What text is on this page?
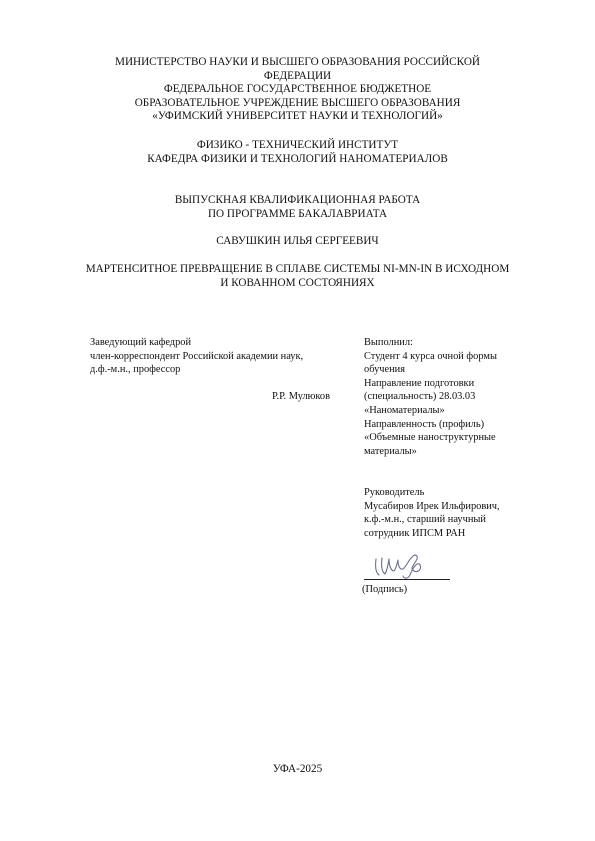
МИНИСТЕРСТВО НАУКИ И ВЫСШЕГО ОБРАЗОВАНИЯ РОССИЙСКОЙ
ФЕДЕРАЦИИ
ФЕДЕРАЛЬНОЕ ГОСУДАРСТВЕННОЕ БЮДЖЕТНОЕ
ОБРАЗОВАТЕЛЬНОЕ УЧРЕЖДЕНИЕ ВЫСШЕГО ОБРАЗОВАНИЯ
«УФИМСКИЙ УНИВЕРСИТЕТ НАУКИ И ТЕХНОЛОГИЙ»
ФИЗИКО - ТЕХНИЧЕСКИЙ ИНСТИТУТ
КАФЕДРА ФИЗИКИ И ТЕХНОЛОГИЙ НАНОМАТЕРИАЛОВ
ВЫПУСКНАЯ КВАЛИФИКАЦИОННАЯ РАБОТА
ПО ПРОГРАММЕ БАКАЛАВРИАТА
САВУШКИН ИЛЬЯ СЕРГЕЕВИЧ
МАРТЕНСИТНОЕ ПРЕВРАЩЕНИЕ В СПЛАВЕ СИСТЕМЫ NI-MN-IN В ИСХОДНОМ
И КОВАННОМ СОСТОЯНИЯХ
Заведующий кафедрой
член-корреспондент Российской академии наук,
д.ф.-м.н., профессор
Р.Р. Мулюков
Выполнил:
Студент 4 курса очной формы
обучения
Направление подготовки
(специальность) 28.03.03
«Наноматериалы»
Направленность (профиль)
«Объемные наноструктурные
материалы»
Руководитель
Мусабиров Ирек Ильфирович,
к.ф.-м.н., старший научный
сотрудник ИПСМ РАН
(Подпись)
УФА-2025
